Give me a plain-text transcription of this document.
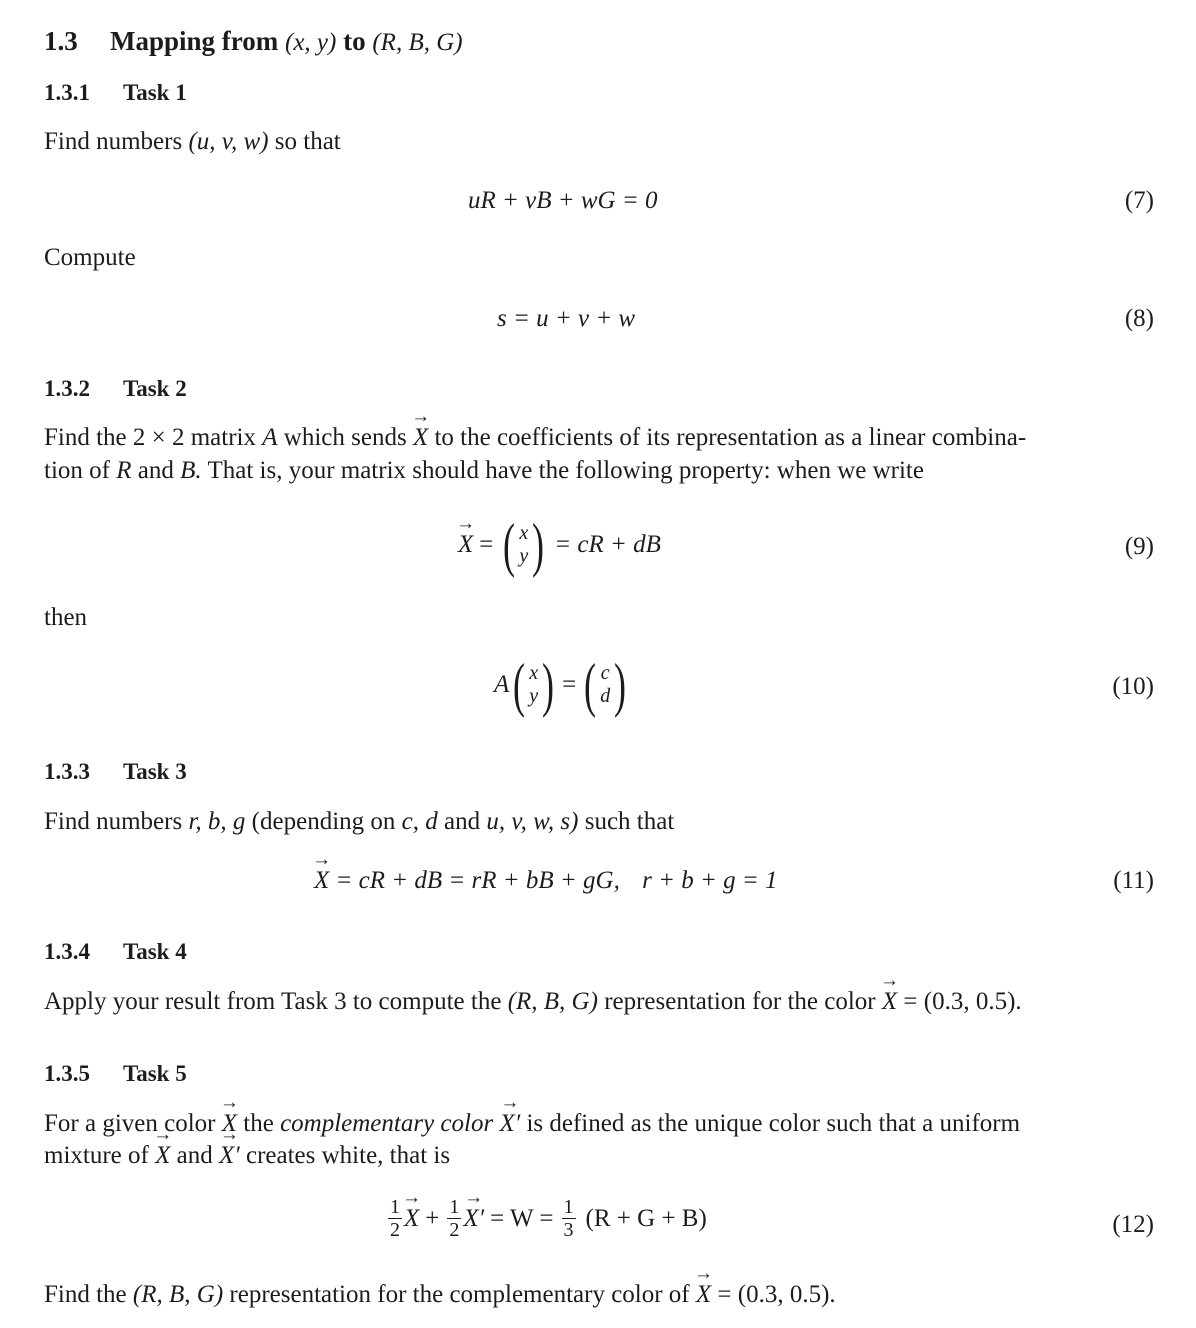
1.3 Mapping from (x, y) to (R, B, G)
1.3.1 Task 1
Find numbers (u, v, w) so that
uR + vB + wG = 0	(7)
Compute
s = u + v + w	(8)
1.3.2 Task 2
Find the 2 × 2 matrix A which sends → X to the coefficients of its representation as a linear combina-
tion of R and B. That is, your matrix should have the following property: when we write
→ X = ( x
y ) = cR + dB	(9)
then
A ( x
y ) = ( c
d )	(10)
1.3.3 Task 3
Find numbers r, b, g (depending on c, d and u, v, w, s) such that
→ X = cR + dB = rR + bB + gG, r + b + g = 1	(11)
1.3.4 Task 4
Apply your result from Task 3 to compute the (R, B, G) representation for the color → X = (0.3, 0.5).
1.3.5 Task 5
For a given color → X the complementary color → X′ is defined as the unique color such that a uniform
mixture of → X and → X′ creates white, that is
$\frac{1}{2}$
→ $X + \frac{1}{2}$
→ $X' = W = \frac{1}{3} (R + G + B)$	(12)
Find the (R, B, G) representation for the complementary color of → X = (0.3, 0.5).
